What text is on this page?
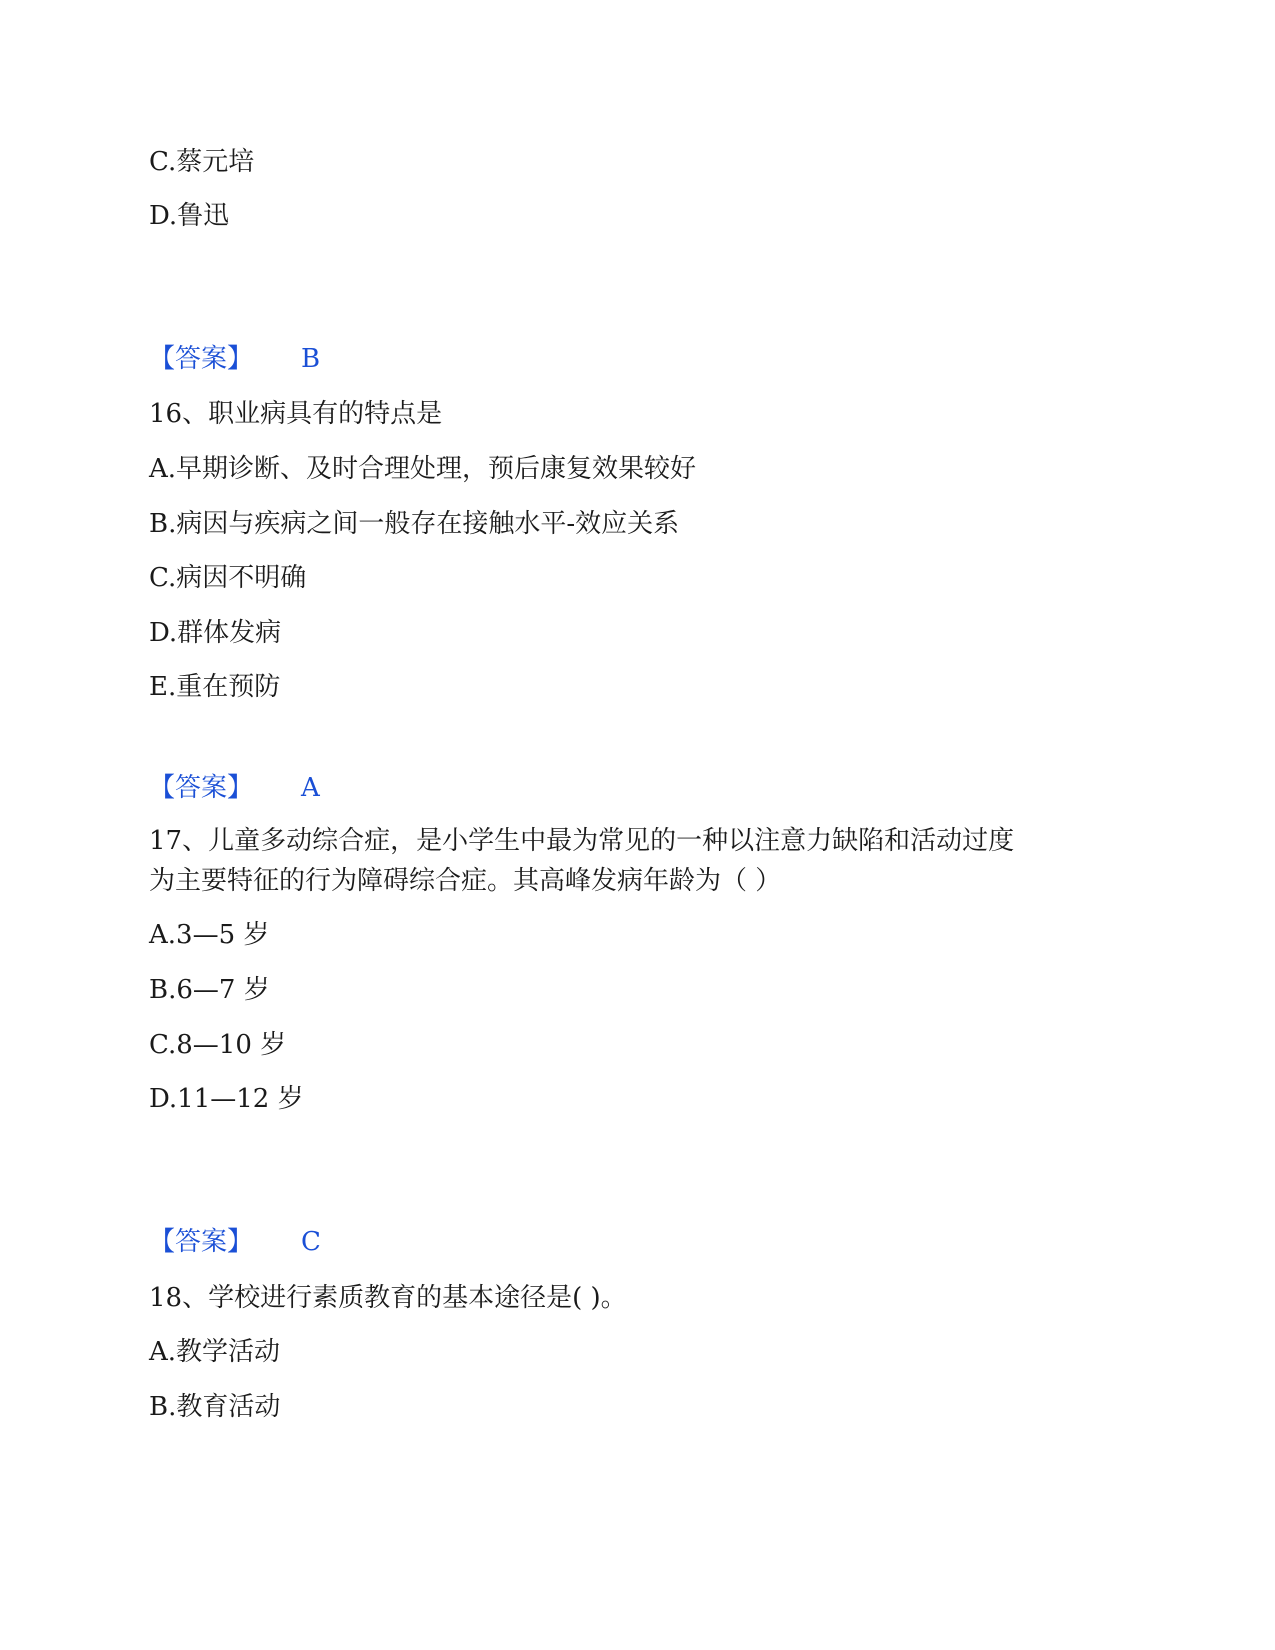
C.蔡元培
D.鲁迅
【答案】 B
16、职业病具有的特点是
A.早期诊断、及时合理处理，预后康复效果较好
B.病因与疾病之间一般存在接触水平-效应关系
C.病因不明确
D.群体发病
E.重在预防
【答案】 A
17、儿童多动综合症，是小学生中最为常见的一种以注意力缺陷和活动过度
为主要特征的行为障碍综合症。其高峰发病年龄为（ ）
A.3—5 岁
B.6—7 岁
C.8—10 岁
D.11—12 岁
【答案】 C
18、学校进行素质教育的基本途径是( )。
A.教学活动
B.教育活动
